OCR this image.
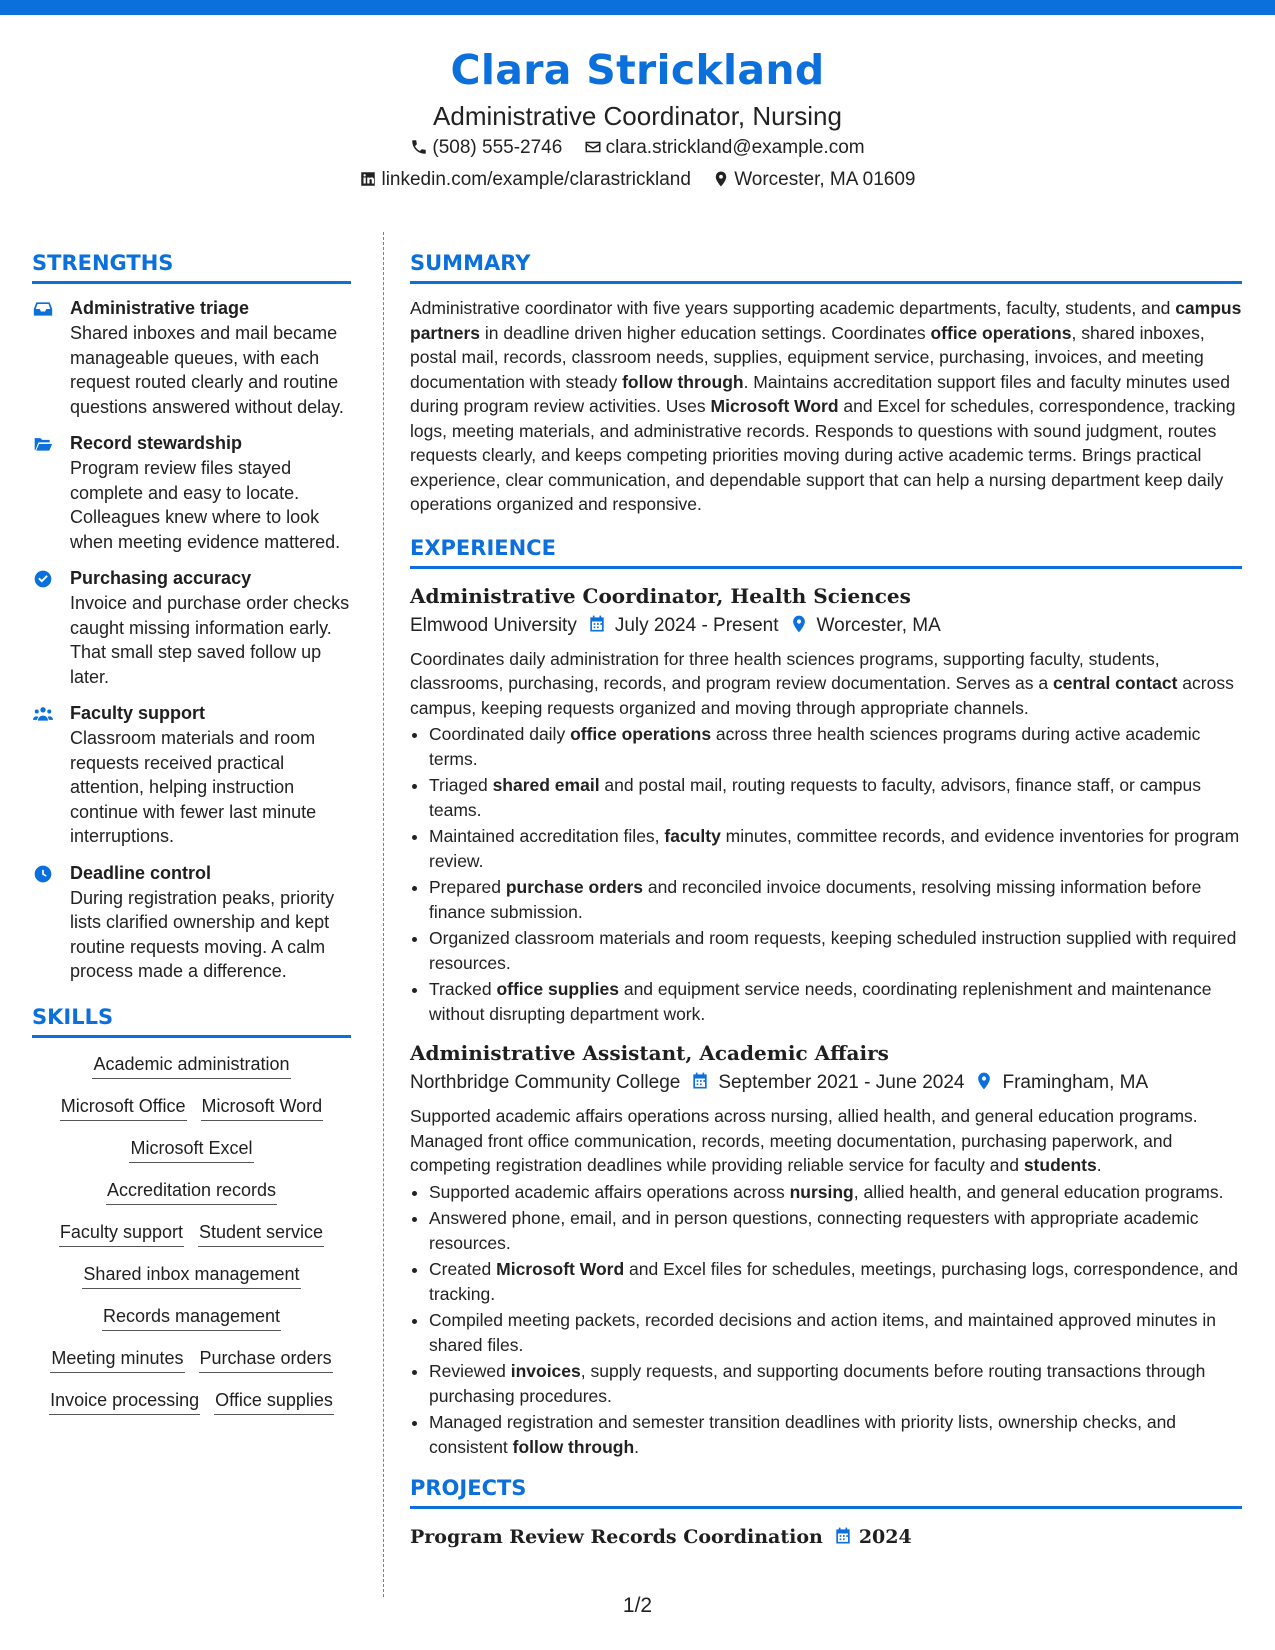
Clara Strickland
Administrative Coordinator, Nursing
(508) 555-2746 clara.strickland@example.com
linkedin.com/example/clarastrickland Worcester, MA 01609
STRENGTHS
Administrative triage
Shared inboxes and mail became manageable queues, with each request routed clearly and routine questions answered without delay.
Record stewardship
Program review files stayed complete and easy to locate. Colleagues knew where to look when meeting evidence mattered.
Purchasing accuracy
Invoice and purchase order checks caught missing information early. That small step saved follow up later.
Faculty support
Classroom materials and room requests received practical attention, helping instruction continue with fewer last minute interruptions.
Deadline control
During registration peaks, priority lists clarified ownership and kept routine requests moving. A calm process made a difference.
SKILLS
Academic administration
Microsoft Office Microsoft Word
Microsoft Excel
Accreditation records
Faculty support Student service
Shared inbox management
Records management
Meeting minutes Purchase orders
Invoice processing Office supplies
SUMMARY
Administrative coordinator with five years supporting academic departments, faculty, students, and campus partners in deadline driven higher education settings. Coordinates office operations, shared inboxes, postal mail, records, classroom needs, supplies, equipment service, purchasing, invoices, and meeting documentation with steady follow through. Maintains accreditation support files and faculty minutes used during program review activities. Uses Microsoft Word and Excel for schedules, correspondence, tracking logs, meeting materials, and administrative records. Responds to questions with sound judgment, routes requests clearly, and keeps competing priorities moving during active academic terms. Brings practical experience, clear communication, and dependable support that can help a nursing department keep daily operations organized and responsive.
EXPERIENCE
Administrative Coordinator, Health Sciences
Elmwood University July 2024 - Present Worcester, MA
Coordinates daily administration for three health sciences programs, supporting faculty, students, classrooms, purchasing, records, and program review documentation. Serves as a central contact across campus, keeping requests organized and moving through appropriate channels.
• Coordinated daily office operations across three health sciences programs during active academic terms.
• Triaged shared email and postal mail, routing requests to faculty, advisors, finance staff, or campus teams.
• Maintained accreditation files, faculty minutes, committee records, and evidence inventories for program review.
• Prepared purchase orders and reconciled invoice documents, resolving missing information before finance submission.
• Organized classroom materials and room requests, keeping scheduled instruction supplied with required resources.
• Tracked office supplies and equipment service needs, coordinating replenishment and maintenance without disrupting department work.
Administrative Assistant, Academic Affairs
Northbridge Community College September 2021 - June 2024 Framingham, MA
Supported academic affairs operations across nursing, allied health, and general education programs. Managed front office communication, records, meeting documentation, purchasing paperwork, and competing registration deadlines while providing reliable service for faculty and students.
• Supported academic affairs operations across nursing, allied health, and general education programs.
• Answered phone, email, and in person questions, connecting requesters with appropriate academic resources.
• Created Microsoft Word and Excel files for schedules, meetings, purchasing logs, correspondence, and tracking.
• Compiled meeting packets, recorded decisions and action items, and maintained approved minutes in shared files.
• Reviewed invoices, supply requests, and supporting documents before routing transactions through purchasing procedures.
• Managed registration and semester transition deadlines with priority lists, ownership checks, and consistent follow through.
PROJECTS
Program Review Records Coordination 2024
1/2
